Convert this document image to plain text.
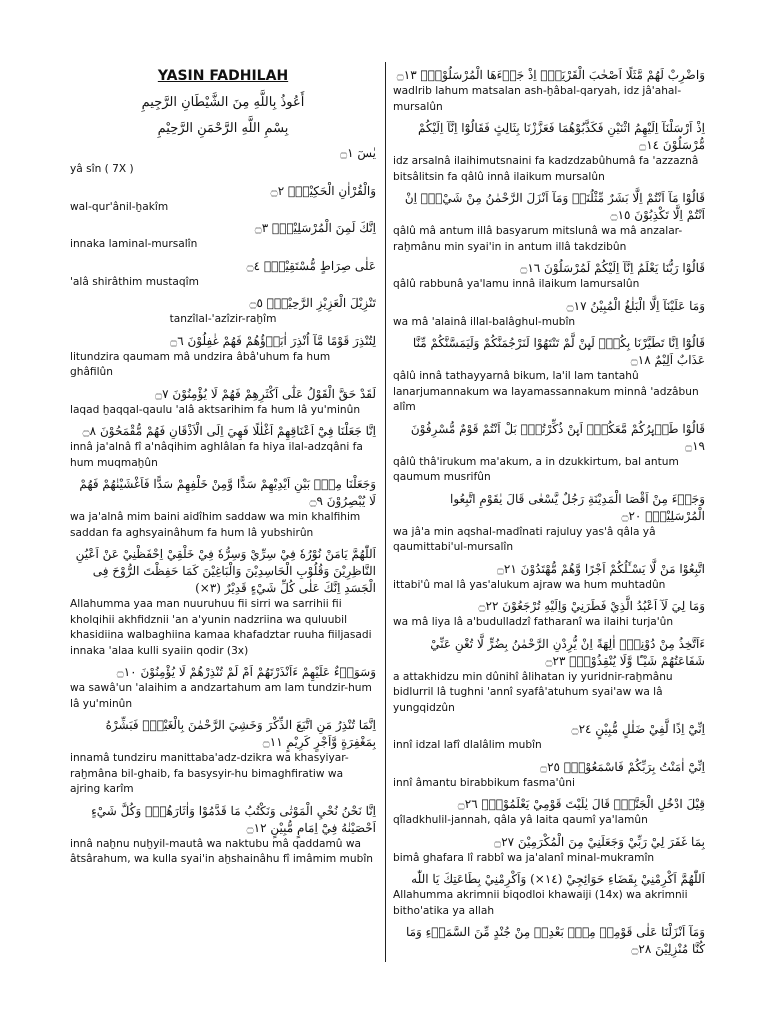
YASIN FADHILAH

أَعُوذُ بِاللَّهِ مِنَ الشَّيْطَانِ الرَّجِيمِ

بِسْمِ اللَّهِ الرَّحْمَنِ الرَّحِيْمِ

يٰسٓ ۝١

yâ sîn ( 7X )

وَالْقُرْاٰنِ الْحَكِيْمِۙ ۝٢

wal-qur'ânil-ḫakîm

اِنَّكَ لَمِنَ الْمُرْسَلِيْنَۙ ۝٣

innaka laminal-mursalîn

عَلٰى صِرَاطٍ مُّسْتَقِيْمٍۗ ۝٤

'alâ shirâthim mustaqîm

تَنْزِيْلَ الْعَزِيْزِ الرَّحِيْمِۙ ۝٥

tanzîlal-'azîzir-raḫîm

لِتُنْذِرَ قَوْمًا مَّآ اُنْذِرَ اٰبَاۤؤُهُمْ فَهُمْ غٰفِلُوْنَ ۝٦

litundzira qaumam mâ undzira âbâ'uhum fa hum ghâfilûn

لَقَدْ حَقَّ الْقَوْلُ عَلٰٓى اَكْثَرِهِمْ فَهُمْ لَا يُؤْمِنُوْنَ ۝٧

laqad ḫaqqal-qaulu 'alâ aktsarihim fa hum lâ yu'minûn

اِنَّا جَعَلْنَا فِيْٓ اَعْنَاقِهِمْ اَغْلٰلًا فَهِيَ اِلَى الْاَذْقَانِ فَهُمْ مُّقْمَحُوْنَ ۝٨

innâ ja'alnâ fî a'nâqihim aghlâlan fa hiya ilal-adzqâni fa hum muqmaḫûn

وَجَعَلْنَا مِنْۢ بَيْنِ اَيْدِيْهِمْ سَدًّا وَّمِنْ خَلْفِهِمْ سَدًّا فَاَغْشَيْنٰهُمْ فَهُمْ لَا يُبْصِرُوْنَ ۝٩

wa ja'alnâ mim baini aidîhim saddaw wa min khalfihim saddan fa aghsyainâhum fa hum lâ yubshirûn

اَللّٰهُمَّ يَامَنْ نُوْرُهٗ فِيْ سِرِّيْ وَسِرُّهٗ فِيْ خَلْقِيْ اِحْفَظْنِيْ عَنْ اَعْيُنِ النَّاظِرِيْنَ وَقُلُوْبِ الْحَاسِدِيْنَ وَالْبَاغِيْنَ كَمَا حَفِظْتَ الرُّوْحَ فِى الْجَسَدِ اِنَّكَ عَلٰى كُلِّ شَيْءٍ قَدِيْرٌ (٣×)

Allahumma yaa man nuuruhuu fii sirri wa sarrihii fii kholqihii akhfidznii 'an a'yunin nadzriina wa quluubil khasidiina walbaghiina kamaa khafadztar ruuha fiiljasadi innaka 'alaa kulli syaiin qodir (3x)

وَسَوَاۤءٌ عَلَيْهِمْ ءَاَنْذَرْتَهُمْ اَمْ لَمْ تُنْذِرْهُمْ لَا يُؤْمِنُوْنَ ۝١٠

wa sawâ'un 'alaihim a andzartahum am lam tundzir-hum lâ yu'minûn

اِنَّمَا تُنْذِرُ مَنِ اتَّبَعَ الذِّكْرَ وَخَشِيَ الرَّحْمٰنَ بِالْغَيْبِۚ فَبَشِّرْهُ بِمَغْفِرَةٍ وَّاَجْرٍ كَرِيْمٍ ۝١١

innamâ tundziru manittaba'adz-dzikra wa khasyiyar-raḫmâna bil-ghaib, fa basysyir-hu bimaghfiratiw wa ajring karîm

اِنَّا نَحْنُ نُحْيِ الْمَوْتٰى وَنَكْتُبُ مَا قَدَّمُوْا وَاٰثَارَهُمْۗ وَكُلَّ شَيْءٍ اَحْصَيْنٰهُ فِيْٓ اِمَامٍ مُّبِيْنٍ ۝١٢

innâ naḫnu nuḫyil-mautâ wa naktubu mâ qaddamû wa âtsârahum, wa kulla syai'in aḫshainâhu fî imâmim mubîn

وَاضْرِبْ لَهُمْ مَّثَلًا اَصْحٰبَ الْقَرْيَةِۘ اِذْ جَاۤءَهَا الْمُرْسَلُوْنَۚ ۝١٣

wadlrib lahum matsalan ash-ḫâbal-qaryah, idz jâ'ahal-mursalûn

اِذْ اَرْسَلْنَآ اِلَيْهِمُ اثْنَيْنِ فَكَذَّبُوْهُمَا فَعَزَّزْنَا بِثَالِثٍ فَقَالُوْٓا اِنَّآ اِلَيْكُمْ مُّرْسَلُوْنَ ۝١٤

idz arsalnâ ilaihimutsnaini fa kadzdzabûhumâ fa 'azzaznâ bitsâlitsin fa qâlû innâ ilaikum mursalûn

قَالُوْا مَآ اَنْتُمْ اِلَّا بَشَرٌ مِّثْلُنَاۙ وَمَآ اَنْزَلَ الرَّحْمٰنُ مِنْ شَيْءٍۙ اِنْ اَنْتُمْ اِلَّا تَكْذِبُوْنَ ۝١٥

qâlû mâ antum illâ basyarum mitslunâ wa mâ anzalar-raḫmânu min syai'in in antum illâ takdzibûn

قَالُوْا رَبُّنَا يَعْلَمُ اِنَّآ اِلَيْكُمْ لَمُرْسَلُوْنَ ۝١٦

qâlû rabbunâ ya'lamu innâ ilaikum lamursalûn

وَمَا عَلَيْنَآ اِلَّا الْبَلٰغُ الْمُبِيْنُ ۝١٧

wa mâ 'alainâ illal-balâghul-mubîn

قَالُوْٓا اِنَّا تَطَيَّرْنَا بِكُمْۚ لَىِٕنْ لَّمْ تَنْتَهُوْا لَنَرْجُمَنَّكُمْ وَلَيَمَسَّنَّكُمْ مِّنَّا عَذَابٌ اَلِيْمٌ ۝١٨

qâlû innâ tathayyarnâ bikum, la'il lam tantahû lanarjumannakum wa layamassannakum minnâ 'adzâbun alîm

قَالُوْا طَاۤىِٕرُكُمْ مَّعَكُمْۗ اَىِٕنْ ذُكِّرْتُمْۗ بَلْ اَنْتُمْ قَوْمٌ مُّسْرِفُوْنَ ۝١٩

qâlû thâ'irukum ma'akum, a in dzukkirtum, bal antum qaumum musrifûn

وَجَاۤءَ مِنْ اَقْصَا الْمَدِيْنَةِ رَجُلٌ يَّسْعٰى قَالَ يٰقَوْمِ اتَّبِعُوا الْمُرْسَلِيْنَۙ ۝٢٠

wa jâ'a min aqshal-madînati rajuluy yas'â qâla yâ qaumittabi'ul-mursalîn

اتَّبِعُوْا مَنْ لَّا يَسْـَٔلُكُمْ اَجْرًا وَّهُمْ مُّهْتَدُوْنَ ۝٢١

ittabi'û mal lâ yas'alukum ajraw wa hum muhtadûn

وَمَا لِيَ لَآ اَعْبُدُ الَّذِيْ فَطَرَنِيْ وَاِلَيْهِ تُرْجَعُوْنَ ۝٢٢

wa mâ liya lâ a'budulladzî fatharanî wa ilaihi turja'ûn

ءَاَتَّخِذُ مِنْ دُوْنِهٖٓ اٰلِهَةً اِنْ يُّرِدْنِ الرَّحْمٰنُ بِضُرٍّ لَّا تُغْنِ عَنِّيْ شَفَاعَتُهُمْ شَيْـًٔا وَّلَا يُنْقِذُوْنِۚ ۝٢٣

a attakhidzu min dûnihî âlihatan iy yuridnir-raḫmânu bidlurril lâ tughni 'annî syafâ'atuhum syai'aw wa lâ yungqidzûn

اِنِّيْٓ اِذًا لَّفِيْ ضَلٰلٍ مُّبِيْنٍ ۝٢٤

innî idzal lafî dlalâlim mubîn

اِنِّيْٓ اٰمَنْتُ بِرَبِّكُمْ فَاسْمَعُوْنِۗ ۝٢٥

innî âmantu birabbikum fasma'ûni

قِيْلَ ادْخُلِ الْجَنَّةَۗ قَالَ يٰلَيْتَ قَوْمِيْ يَعْلَمُوْنَۙ ۝٢٦

qîladkhulil-jannah, qâla yâ laita qaumî ya'lamûn

بِمَا غَفَرَ لِيْ رَبِّيْ وَجَعَلَنِيْ مِنَ الْمُكْرَمِيْنَ ۝٢٧

bimâ ghafara lî rabbî wa ja'alanî minal-mukramîn

اَللّٰهُمَّ اَكْرِمْنِيْ بِقَضَاءِ حَوَائِجِيْ (١٤×) وَاَكْرِمْنِيْ بِطَاعَتِكَ يَا اللّٰه

Allahumma akrimnii biqodloi khawaiji (14x) wa akrimnii bitho'atika ya allah

وَمَآ اَنْزَلْنَا عَلٰى قَوْمِهٖ مِنْۢ بَعْدِهٖ مِنْ جُنْدٍ مِّنَ السَّمَاۤءِ وَمَا كُنَّا مُنْزِلِيْنَ ۝٢٨
